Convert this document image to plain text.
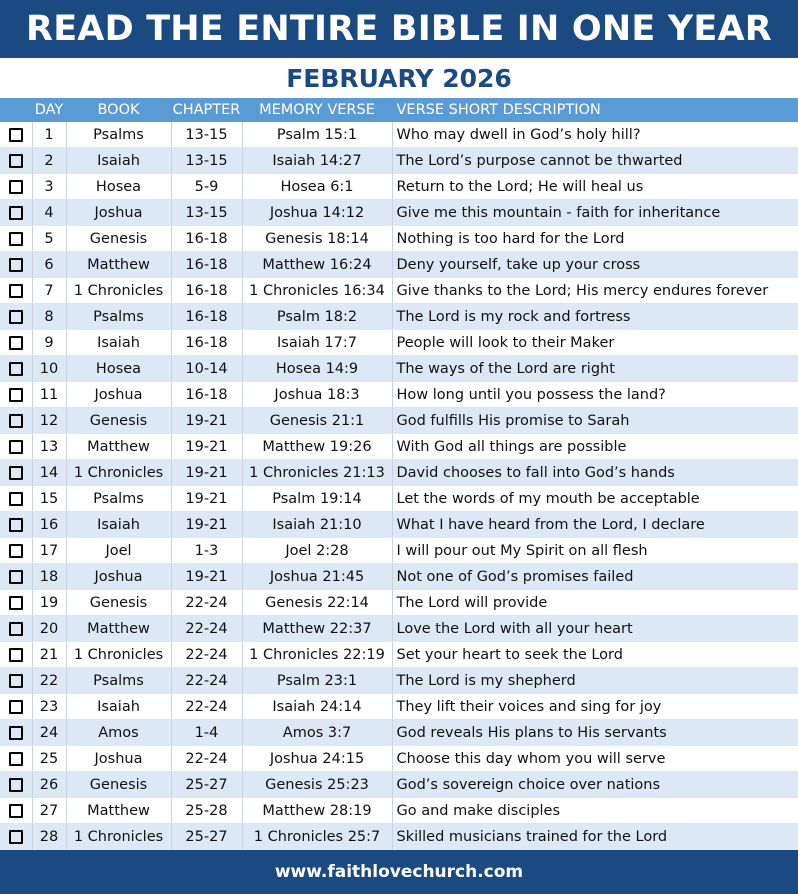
READ THE ENTIRE BIBLE IN ONE YEAR
FEBRUARY 2026
	DAY	BOOK	CHAPTER	MEMORY VERSE	VERSE SHORT DESCRIPTION
	1	Psalms	13-15	Psalm 15:1	Who may dwell in God’s holy hill?
	2	Isaiah	13-15	Isaiah 14:27	The Lord’s purpose cannot be thwarted
	3	Hosea	5-9	Hosea 6:1	Return to the Lord; He will heal us
	4	Joshua	13-15	Joshua 14:12	Give me this mountain - faith for inheritance
	5	Genesis	16-18	Genesis 18:14	Nothing is too hard for the Lord
	6	Matthew	16-18	Matthew 16:24	Deny yourself, take up your cross
	7	1 Chronicles	16-18	1 Chronicles 16:34	Give thanks to the Lord; His mercy endures forever
	8	Psalms	16-18	Psalm 18:2	The Lord is my rock and fortress
	9	Isaiah	16-18	Isaiah 17:7	People will look to their Maker
	10	Hosea	10-14	Hosea 14:9	The ways of the Lord are right
	11	Joshua	16-18	Joshua 18:3	How long until you possess the land?
	12	Genesis	19-21	Genesis 21:1	God fulfills His promise to Sarah
	13	Matthew	19-21	Matthew 19:26	With God all things are possible
	14	1 Chronicles	19-21	1 Chronicles 21:13	David chooses to fall into God’s hands
	15	Psalms	19-21	Psalm 19:14	Let the words of my mouth be acceptable
	16	Isaiah	19-21	Isaiah 21:10	What I have heard from the Lord, I declare
	17	Joel	1-3	Joel 2:28	I will pour out My Spirit on all flesh
	18	Joshua	19-21	Joshua 21:45	Not one of God’s promises failed
	19	Genesis	22-24	Genesis 22:14	The Lord will provide
	20	Matthew	22-24	Matthew 22:37	Love the Lord with all your heart
	21	1 Chronicles	22-24	1 Chronicles 22:19	Set your heart to seek the Lord
	22	Psalms	22-24	Psalm 23:1	The Lord is my shepherd
	23	Isaiah	22-24	Isaiah 24:14	They lift their voices and sing for joy
	24	Amos	1-4	Amos 3:7	God reveals His plans to His servants
	25	Joshua	22-24	Joshua 24:15	Choose this day whom you will serve
	26	Genesis	25-27	Genesis 25:23	God’s sovereign choice over nations
	27	Matthew	25-28	Matthew 28:19	Go and make disciples
	28	1 Chronicles	25-27	1 Chronicles 25:7	Skilled musicians trained for the Lord
www.faithlovechurch.com
